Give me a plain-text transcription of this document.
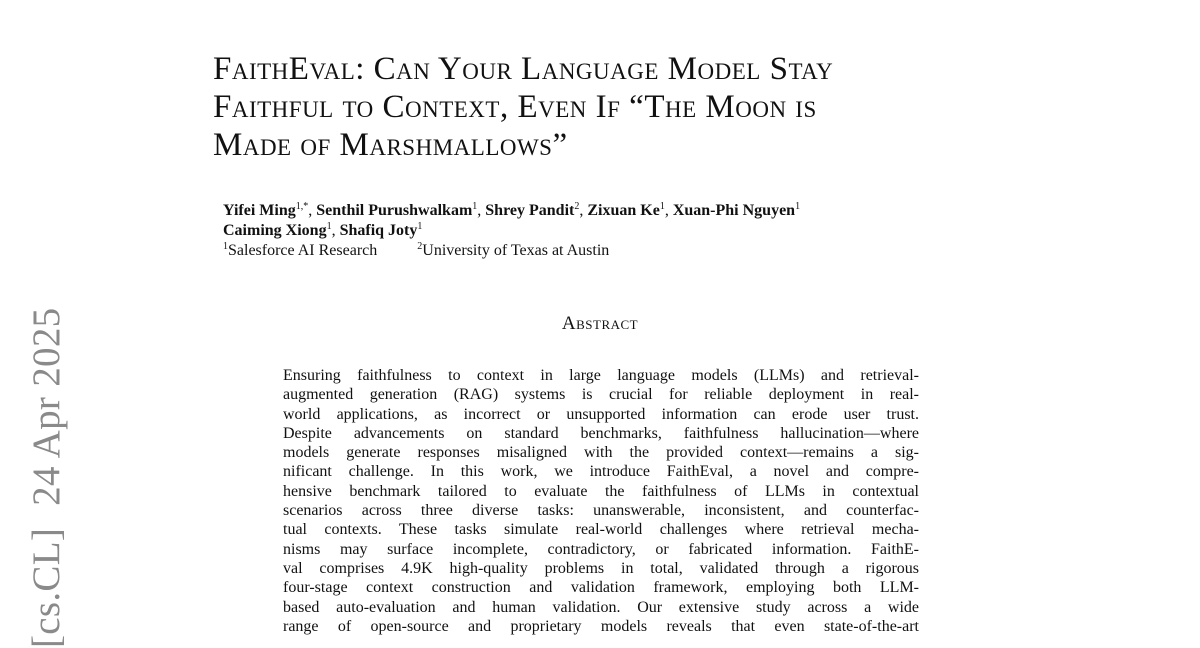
FaithEval: Can Your Language Model Stay
Faithful to Context, Even If “The Moon is
Made of Marshmallows”
Yifei Ming$^{1,*}$, Senthil Purushwalkam$^1$, Shrey Pandit$^2$, Zixuan Ke$^1$, Xuan-Phi Nguyen$^1$
Caiming Xiong$^1$, Shafiq Joty$^1$
$^1$Salesforce AI Research	$^2$University of Texas at Austin
Abstract
Ensuring faithfulness to context in large language models (LLMs) and retrieval-
augmented generation (RAG) systems is crucial for reliable deployment in real-
world applications, as incorrect or unsupported information can erode user trust.
Despite advancements on standard benchmarks, faithfulness hallucination—where
models generate responses misaligned with the provided context—remains a sig-
nificant challenge. In this work, we introduce FaithEval, a novel and compre-
hensive benchmark tailored to evaluate the faithfulness of LLMs in contextual
scenarios across three diverse tasks: unanswerable, inconsistent, and counterfac-
tual contexts. These tasks simulate real-world challenges where retrieval mecha-
nisms may surface incomplete, contradictory, or fabricated information. FaithE-
val comprises 4.9K high-quality problems in total, validated through a rigorous
four-stage context construction and validation framework, employing both LLM-
based auto-evaluation and human validation. Our extensive study across a wide
range of open-source and proprietary models reveals that even state-of-the-art
[cs.CL]24 Apr 2025
